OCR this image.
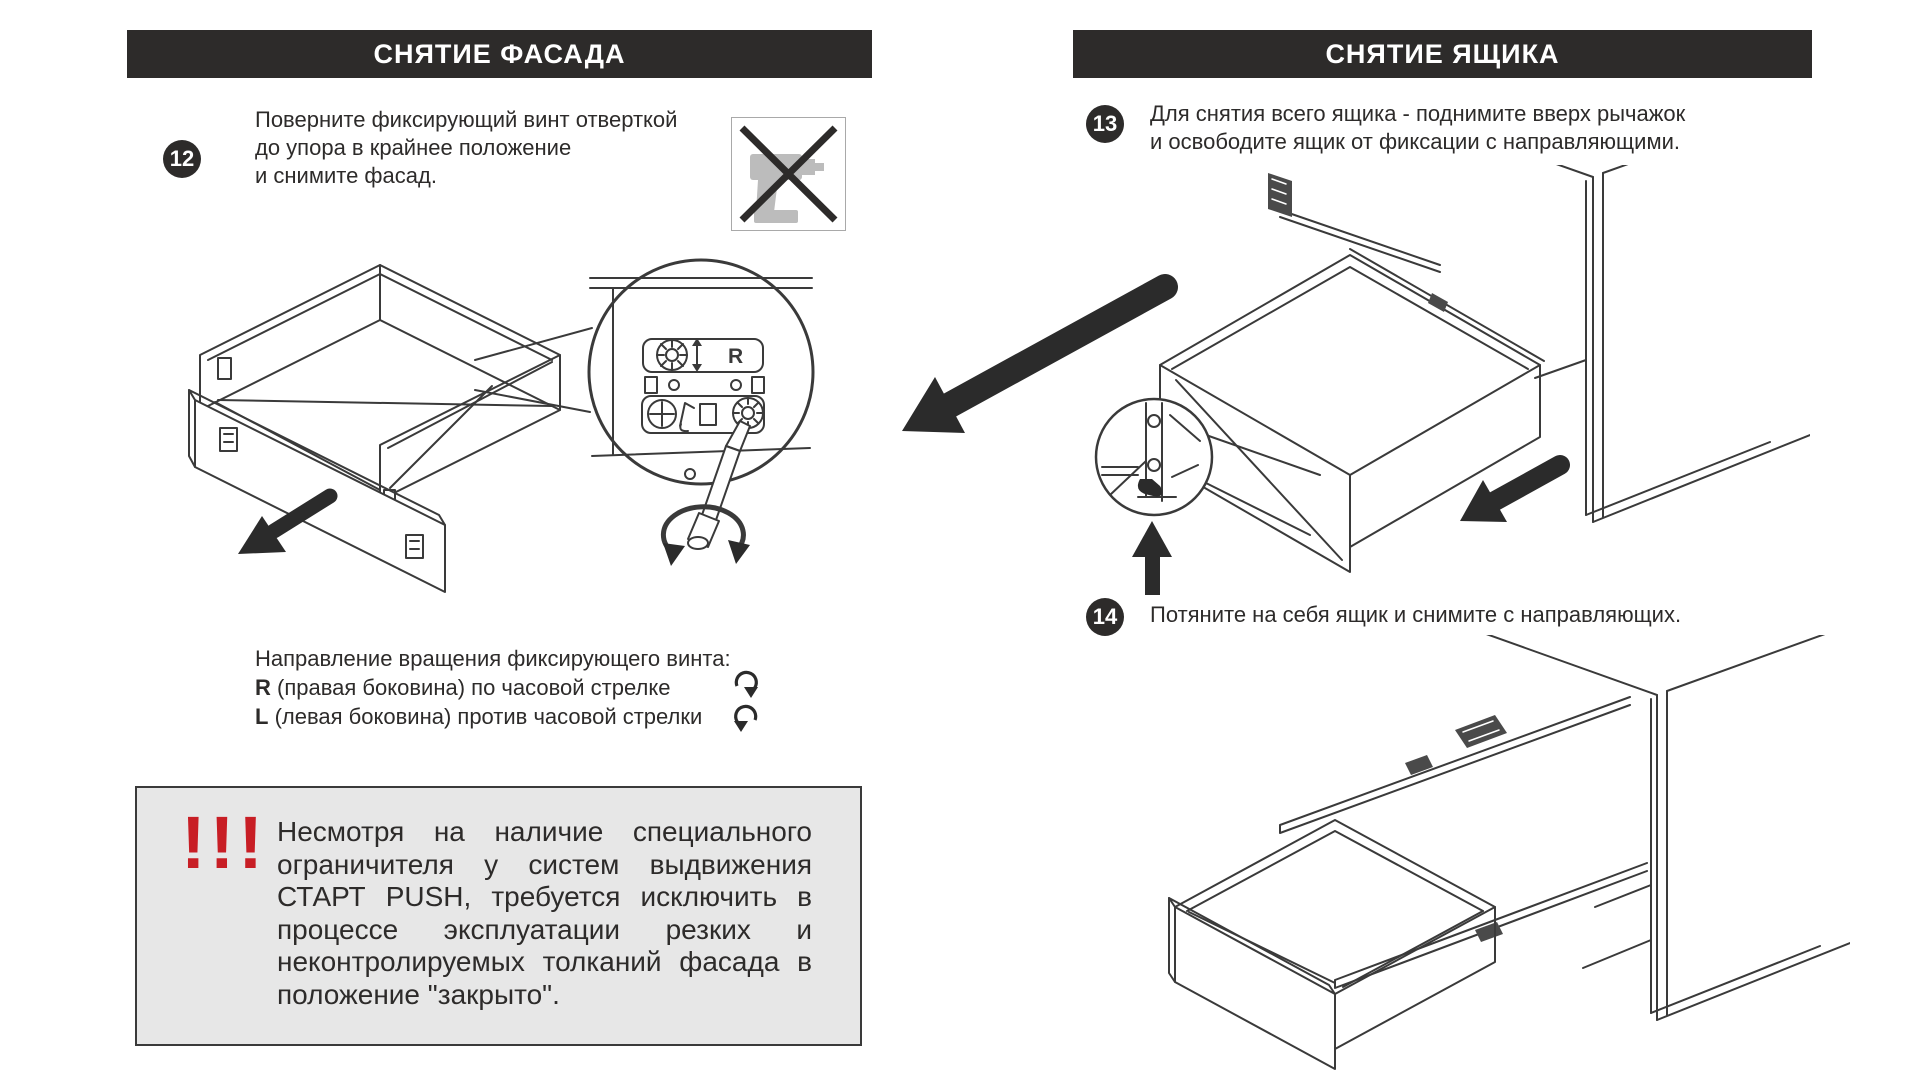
СНЯТИЕ ФАСАДА
12
Поверните фиксирующий винт отверткой
до упора в крайнее положение
и снимите фасад.
R
Направление вращения фиксирующего винта:
R (правая боковина) по часовой стрелке
L (левая боковина) против часовой стрелки
!!! Несмотря на наличие специального ограничителя у систем выдвижения СТАРТ PUSH, требуется исключить в процессе эксплуатации резких и неконтролируемых толканий фасада в положение "закрыто".
СНЯТИЕ ЯЩИКА
13 Для снятия всего ящика - поднимите вверх рычажок
и освободите ящик от фиксации с направляющими.
14 Потяните на себя ящик и снимите с направляющих.
